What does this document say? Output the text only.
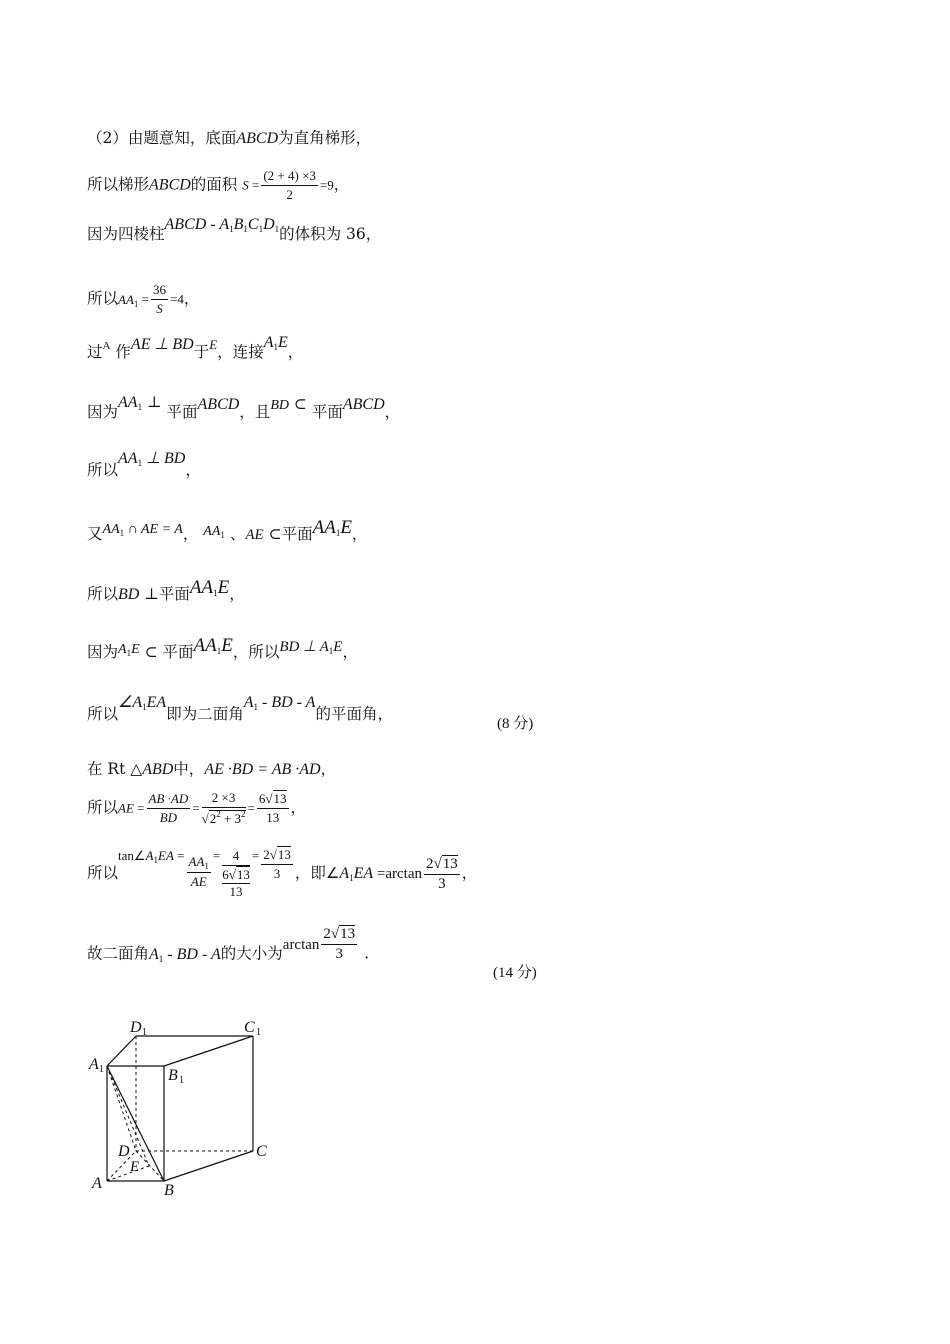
（2）由题意知，底面ABCD为直角梯形，
所以梯形ABCD的面积 $S = \frac{(2 + 4) \times 3}{2} =9$，
因为四棱柱ABCD - $A_1B_1C_1D_1$的体积为 36，
所以$AA_1 = \frac{36}{S} =4$，
过$^A$ 作AE ⊥ BD于$^E$，连接$A_1E$，
因为$AA_1$ ⊥ 平面ABCD，且BD ⊂ 平面ABCD，
所以$AA_1$ ⊥ BD，
又$AA_1$ ∩ AE = A， $AA_1$ 、AE ⊂平面$AA_1E$，
所以BD ⊥平面$AA_1E$，
因为$A_1E$ ⊂ 平面$AA_1E$，所以BD ⊥ $A_1E$，
所以$\angle A_1EA$即为二面角$A_1$ - BD - A的平面角，
(8 分)
在 Rt △ABD中，AE ·BD = AB ·AD，
所以AE = $\frac{AB \cdot AD}{BD} = \frac{2 \times 3}{√2^2 + 3^2} = \frac{6√13}{13}$ ，
所以$^{tan\angle A_1EA}$ $^= \frac{AA_1}{AE} ^=$ 4
6√13
13
$^= \frac{2√13}{3}$ ，即$\angle A_1EA =\arctan \frac{2√13}{3}$ ，
故二面角$A_1$ - BD - A的大小为$\arctan \frac{2√13}{3}$ .
(14 分)
D 1	C 1
A 1	B 1
D
E
C
A	B
